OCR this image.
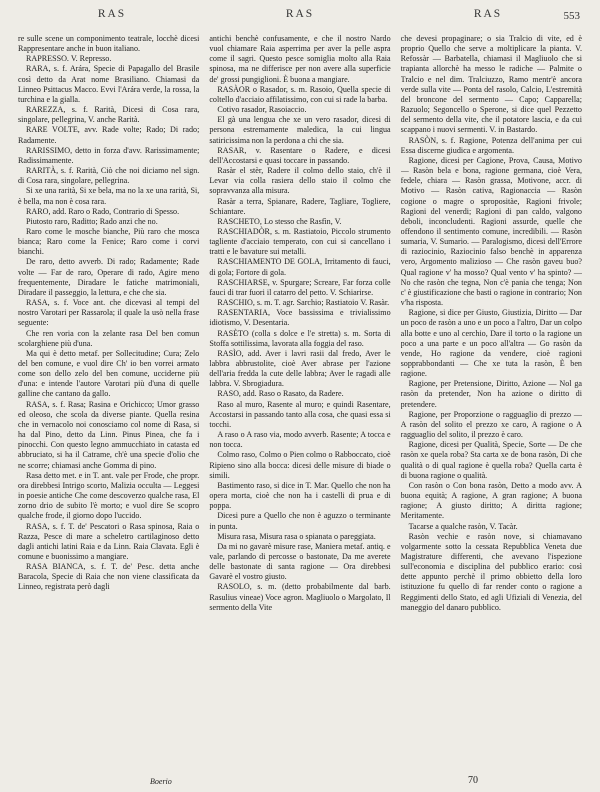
RAS	RAS	RAS	553

re sulle scene un componimento teatrale, locchè dicesi Rappresentare anche in buon italiano.

RAPRESSO. V. Represso.

RARA, s. f. Arára, Specie di Papagallo del Brasile così detto da Arat nome Brasiliano. Chiamasi da Linneo Psittacus Macco. Evvi l'Arára verde, la rossa, la turchina e la gialla.

RAREZZA, s. f. Rarità, Dicesi di Cosa rara, singolare, pellegrina, V. anche Rarità.

RARE VOLTE, avv. Rade volte; Rado; Di rado; Radamente.

RARISSIMO, detto in forza d'avv. Rarissimamente; Radissimamente.

RARITÀ, s. f. Rarità, Ciò che noi diciamo nel sign. di Cosa rara, singolare, pellegrina.

Si xe una rarità, Si xe bela, ma no la xe una rarità, Si, è bella, ma non è cosa rara.

RARO, add. Raro o Rado, Contrario di Spesso.

Piutosto raro, Raditto; Rado anzi che no.

Raro come le mosche bianche, Più raro che mosca bianca; Raro come la Fenice; Raro come i corvi bianchi.

De raro, detto avverb. Di rado; Radamente; Rade volte — Far de raro, Operare di rado, Agire meno frequentemente, Diradare le fatiche matrimoniali, Diradare il passeggio, la lettura, e che che sia.

RASA, s. f. Voce ant. che dicevasi al tempi del nostro Varotari per Rassarola; il quale la usò nella frase seguente:

Che ren voria con la zelante rasa Del ben comun scolarghiene più d'una.

Ma qui è detto metaf. per Sollecitudine; Cura; Zelo del ben comune, e vuol dire Ch' io ben vorrei armato come son dello zelo del ben comune, ucciderne più d'una: e intende l'autore Varotari più d'una di quelle galline che cantano da gallo.

RASA, s. f. Rasa; Rasina e Orichicco; Umor grasso ed oleoso, che scola da diverse piante. Quella resina che in vernacolo noi conosciamo col nome di Rasa, si ha dal Pino, detto da Linn. Pinus Pinea, che fa i pinocchi. Con questo legno ammucchiato in catasta ed abbruciato, si ha il Catrame, ch'è una specie d'olio che ne scorre; chiamasi anche Gomma di pino.

Rasa detto met. e in T. ant. vale per Frode, che propr. ora direbbesi Intrigo scorto, Malizia occulta — Leggesi in poesie antiche Che come descoverzo qualche rasa, El zorno drio de subito l'è morto; e vuol dire Se scopro qualche frode, il giorno dopo l'uccido.

RASA, s. f. T. de' Pescatori o Rasa spinosa, Raia o Razza, Pesce di mare a scheletro cartilaginoso detto dagli antichi latini Raia e da Linn. Raia Clavata. Egli è comune e buonissimo a mangiare.

RASA BIANCA, s. f. T. de' Pesc. detta anche Baracola, Specie di Raia che non viene classificata da Linneo, registrata però dagli

antichi benchè confusamente, e che il nostro Nardo vuol chiamare Raia asperrima per aver la pelle aspra come il sagri. Questo pesce somiglia molto alla Raia spinosa, ma ne differisce per non avere alla superficie de' grossi pungiglioni. È buona a mangiare.

RASÀOR o Rasador, s. m. Rasoio, Quella specie di coltello d'acciaio affilatissimo, con cui si rade la barba.

Cotivo rasador, Rasoiaccio.

El gà una lengua che xe un vero rasador, dicesi di persona estremamente maledica, la cui lingua satiricissima non la perdona a chi che sia.

RASAR, v. Rasentare o Radere, e dicesi dell'Accostarsi e quasi toccare in passando.

Rasàr el stèr, Radere il colmo dello staio, ch'è il Levar via colla rasiera dello staio il colmo che sopravvanza alla misura.

Rasàr a terra, Spianare, Radere, Tagliare, Togliere, Schiantare.

RASCHETO, Lo stesso che Rasfìn, V.

RASCHIADÒR, s. m. Rastiatoio, Piccolo strumento tagliente d'acciaio temperato, con cui si cancellano i tratti e le bavature sui metalli.

RASCHIAMENTO DE GOLA, Irritamento di fauci, di gola; Fortore di gola.

RASCHIARSE, v. Spurgare; Screare, Far forza colle fauci di trar fuori il catarro del petto. V. Schiarirse.

RASCHIO, s. m. T. agr. Sarchio; Rastiatoio V. Rasàr.

RASENTARIA, Voce bassissima e trivialissimo idiotismo, V. Desentaria.

RASÈTO (colla s dolce e l'e stretta) s. m. Sorta di Stoffa sottilissima, lavorata alla foggia del raso.

RASÌO, add. Aver i lavri rasii dal fredo, Aver le labbra abbrustolite, cioè Aver abrase per l'azione dell'aria fredda la cute delle labbra; Aver le ragadi alle labbra. V. Sbrogiadura.

RASO, add. Raso o Rasato, da Radere.

Raso al muro, Rasente al muro; e quindi Rasentare, Accostarsi in passando tanto alla cosa, che quasi essa si tocchi.

A raso o A raso via, modo avverb. Rasente; A tocca e non tocca.

Colmo raso, Colmo o Pien colmo o Rabboccato, cioè Ripieno sino alla bocca: dicesi delle misure di biade o simili.

Bastimento raso, si dice in T. Mar. Quello che non ha opera morta, cioè che non ha i castelli di prua e di poppa.

Dicesi pure a Quello che non è aguzzo o terminante in punta.

Misura rasa, Misura rasa o spianata o pareggiata.

Da mi no gavarè misure rase, Maniera metaf. antiq. e vale, parlando di percosse o bastonate, Da me averete delle bastonate di santa ragione — Ora direbbesi Gavarè el vostro giusto.

RASOLO, s. m. (detto probabilmente dal barb. Rasulius vineae) Voce agron. Magliuolo o Margolato, Il sermento della Vite

che devesi propaginare; o sia Tralcio di vite, ed è proprio Quello che serve a moltiplicare la pianta. V. Refossàr — Barbatella, chiamasi il Magliuolo che si trapianta allorchè ha messo le radiche — Palmite o Tralcio e nel dim. Tralciuzzo, Ramo mentr'è ancora verde sulla vite — Ponta del rasolo, Calcio, L'estremità del broncone del sermento — Capo; Capparella; Razuolo; Segoncello o Sperone, si dice quel Pezzetto del sermento della vite, che il potatore lascia, e da cui scappano i nuovi sermenti. V. in Bastardo.

RASÒN, s. f. Ragione, Potenza dell'anima per cui Essa discerne giudica e argomenta.

Ragione, dicesi per Cagione, Prova, Causa, Motivo — Rasòn bela e bona, ragione germana, cioè Vera, fedele, chiara — Rasòn grassa, Motivone, accr. di Motivo — Rasòn cativa, Ragionaccia — Rasòn cogione o magre o spropositàe, Ragioni frivole; Ragioni del venerdi; Ragioni di pan caldo, valgono deboli, inconcludenti. Ragioni assurde, quelle che offendono il sentimento comune, incredibili. — Rasòn sumaria, V. Sumario. — Paralogismo, dicesi dell'Errore di raziocinio, Raziocinio falso benchè in apparenza vero, Argomento malizioso — Che rasòn gaveu buo? Qual ragione v' ha mosso? Qual vento v' ha spinto? — No che rasòn che tegna, Non c'è pania che tenga; Non c' è giustificazione che basti o ragione in contrario; Non v'ha risposta.

Ragione, si dice per Giusto, Giustizia, Diritto — Dar un poco de rasòn a uno e un poco a l'altro, Dar un colpo alla botte e uno al cerchio, Dare il torto o la ragione un poco a una parte e un poco all'altra — Go rasòn da vende, Ho ragione da vendere, cioè ragioni sopprabbondanti — Che xe tuta la rasòn, È ben ragione.

Ragione, per Pretensione, Diritto, Azione — Nol ga rasòn da pretender, Non ha azione o diritto di pretendere.

Ragione, per Proporzione o ragguaglio di prezzo — A rasòn del solito el prezzo xe caro, A ragione o A ragguaglio del solito, il prezzo è caro.

Ragione, dicesi per Qualità, Specie, Sorte — De che rasòn xe quela roba? Sta carta xe de bona rasòn, Di che qualità o di qual ragione è quella roba? Quella carta è di buona ragione o qualità.

Con rasòn o Con bona rasòn, Detto a modo avv. A buona equità; A ragione, A gran ragione; A buona ragione; A giusto diritto; A diritta ragione; Meritamente.

Tacarse a qualche rasòn, V. Tacàr.

Rasòn vechie e rasòn nove, si chiamavano volgarmente sotto la cessata Repubblica Veneta due Magistrature differenti, che avevano l'ispezione sull'economia e disciplina del pubblico erario: così dette appunto perchè il primo obbietto della loro istituzione fu quello di far render conto o ragione a Reggimenti dello Stato, ed agli Ufiziali di Venezia, del maneggio del danaro pubblico.

Boerio	70
